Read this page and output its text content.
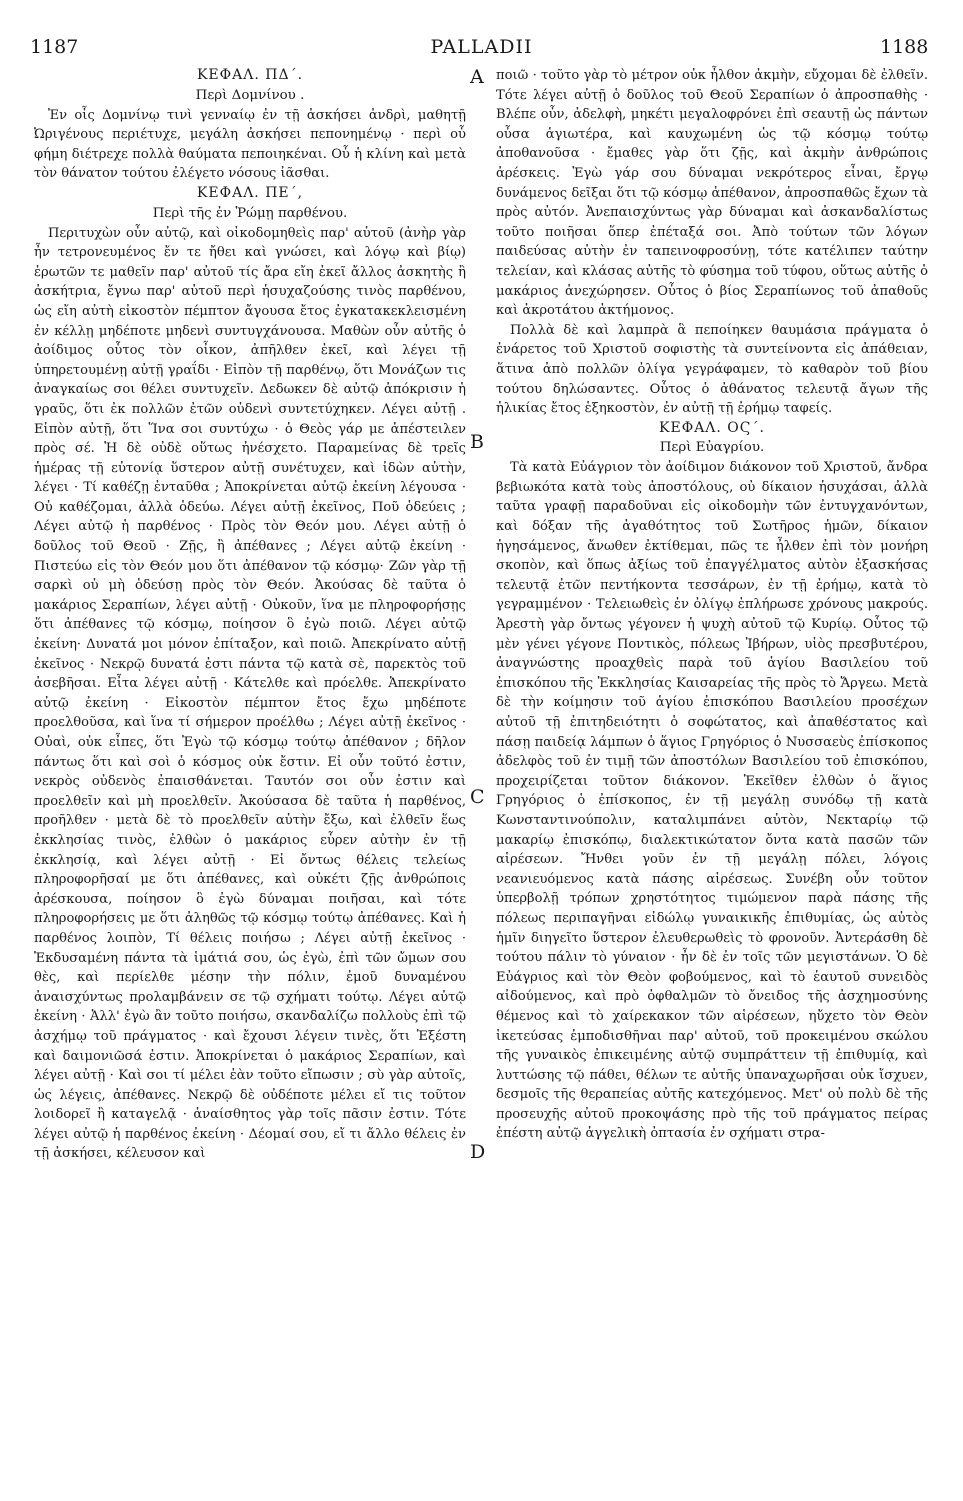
1187	PALLADII	1188
ΚΕΦΑΛ. ΠΔ΄.
Περὶ Δομνίνου .

Ἐν οἷς Δομνίνῳ τινὶ γενναίῳ ἐν τῇ ἀσκήσει ἀνδρὶ, μαθητῇ Ὠριγένους περιέτυχε, μεγάλη ἀσκήσει πεπονημένῳ · περὶ οὗ φήμη διέτρεχε πολλὰ θαύματα πεποιηκέναι. Οὗ ἡ κλίνη καὶ μετὰ τὸν θάνατον τούτου ἐλέγετο νόσους ἰᾶσθαι.

ΚΕΦΑΛ. ΠΕ΄,
Περὶ τῆς ἐν Ῥώμῃ παρθένου.

Περιτυχὼν οὖν αὐτῷ, καὶ οἰκοδομηθεὶς παρ' αὐτοῦ (ἀνὴρ γὰρ ἦν τετρονευμένος ἔν τε ἤθει καὶ γνώσει, καὶ λόγῳ καὶ βίῳ) ἐρωτῶν τε μαθεῖν παρ' αὐτοῦ τίς ἄρα εἴη ἐκεῖ ἄλλος ἀσκητὴς ἢ ἀσκήτρια, ἔγνω παρ' αὐτοῦ περὶ ἡσυχαζούσης τινὸς παρθένου, ὡς εἴη αὐτὴ εἰκοστὸν πέμπτον ἄγουσα ἔτος ἐγκατακεκλεισμένη ἐν κέλλῃ μηδέποτε μηδενὶ συντυγχάνουσα. Μαθὼν οὖν αὐτῆς ὁ ἀοίδιμος οὗτος τὸν οἶκον, ἀπῆλθεν ἐκεῖ, καὶ λέγει τῇ ὑπηρετουμένῃ αὐτῇ γραΐδι · Εἰπὸν τῇ παρθένῳ, ὅτι Μονάζων τις ἀναγκαίως σοι θέλει συντυχεῖν. Δεδωκεν δὲ αὐτῷ ἀπόκρισιν ἡ γραῦς, ὅτι ἐκ πολλῶν ἐτῶν οὐδενὶ συντετύχηκεν. Λέγει αὐτῇ . Εἰπὸν αὐτῇ, ὅτι Ἵνα σοι συντύχω · ὁ Θεὸς γάρ με ἀπέστειλεν πρὸς σέ. Ἡ δὲ οὐδὲ οὕτως ἠνέσχετο. Παραμείνας δὲ τρεῖς ἡμέρας τῇ εὐτονίᾳ ὕστερον αὐτῇ συνέτυχεν, καὶ ἰδὼν αὐτὴν, λέγει · Τί καθέζῃ ἐνταῦθα ; Ἀποκρίνεται αὐτῷ ἐκείνη λέγουσα · Οὐ καθέζομαι, ἀλλὰ ὁδεύω. Λέγει αὐτῇ ἐκεῖνος, Ποῦ ὁδεύεις ; Λέγει αὐτῷ ἡ παρθένος · Πρὸς τὸν Θεόν μου. Λέγει αὐτῇ ὁ δοῦλος τοῦ Θεοῦ · Ζῇς, ἢ ἀπέθανες ; Λέγει αὐτῷ ἐκείνη · Πιστεύω εἰς τὸν Θεόν μου ὅτι ἀπέθανον τῷ κόσμῳ· Ζῶν γὰρ τῇ σαρκὶ οὐ μὴ ὁδεύσῃ πρὸς τὸν Θεόν. Ἀκούσας δὲ ταῦτα ὁ μακάριος Σεραπίων, λέγει αὐτῇ · Οὐκοῦν, ἵνα με πληροφορήσῃς ὅτι ἀπέθανες τῷ κόσμῳ, ποίησον ὃ ἐγὼ ποιῶ. Λέγει αὐτῷ ἐκείνη· Δυνατά μοι μόνον ἐπίταξον, καὶ ποιῶ. Ἀπεκρίνατο αὐτῇ ἐκεῖνος · Νεκρῷ δυνατά ἐστι πάντα τῷ κατὰ σὲ, παρεκτὸς τοῦ ἀσεβῆσαι. Εἶτα λέγει αὐτῇ · Κάτελθε καὶ πρόελθε. Ἀπεκρίνατο αὐτῷ ἐκείνη · Εἰκοστὸν πέμπτον ἔτος ἔχω μηδέποτε προελθοῦσα, καὶ ἵνα τί σήμερον προέλθω ; Λέγει αὐτῇ ἐκεῖνος · Οὐαὶ, οὐκ εἶπες, ὅτι Ἐγὼ τῷ κόσμῳ τούτῳ ἀπέθανον ; δῆλον πάντως ὅτι καὶ σοὶ ὁ κόσμος οὐκ ἔστιν. Εἰ οὖν τοῦτό ἐστιν, νεκρὸς οὐδενὸς ἐπαισθάνεται. Ταυτόν σοι οὖν ἐστιν καὶ προελθεῖν καὶ μὴ προελθεῖν. Ἀκούσασα δὲ ταῦτα ἡ παρθένος, προῆλθεν · μετὰ δὲ τὸ προελθεῖν αὐτὴν ἔξω, καὶ ἐλθεῖν ἕως ἐκκλησίας τινὸς, ἐλθὼν ὁ μακάριος εὗρεν αὐτὴν ἐν τῇ ἐκκλησίᾳ, καὶ λέγει αὐτῇ · Εἰ ὄντως θέλεις τελείως πληροφορῆσαί με ὅτι ἀπέθανες, καὶ οὐκέτι ζῇς ἀνθρώποις ἀρέσκουσα, ποίησον ὃ ἐγὼ δύναμαι ποιῆσαι, καὶ τότε πληροφορήσεις με ὅτι ἀληθῶς τῷ κόσμῳ τούτῳ ἀπέθανες. Καὶ ἡ παρθένος λοιπὸν, Τί θέλεις ποιήσω ; Λέγει αὐτῇ ἐκεῖνος · Ἐκδυσαμένη πάντα τὰ ἱμάτιά σου, ὡς ἐγὼ, ἐπὶ τῶν ὤμων σου θὲς, καὶ περίελθε μέσην τὴν πόλιν, ἐμοῦ δυναμένου ἀναισχύντως προλαμβάνειν σε τῷ σχήματι τούτῳ. Λέγει αὐτῷ ἐκείνη · Ἀλλ' ἐγὼ ἂν τοῦτο ποιήσω, σκανδαλίζω πολλοὺς ἐπὶ τῷ ἀσχήμῳ τοῦ πράγματος · καὶ ἔχουσι λέγειν τινὲς, ὅτι Ἐξέστη καὶ δαιμονιῶσά ἐστιν. Ἀποκρίνεται ὁ μακάριος Σεραπίων, καὶ λέγει αὐτῇ · Καὶ σοι τί μέλει ἐὰν τοῦτο εἴπωσιν ; σὺ γὰρ αὐτοῖς, ὡς λέγεις, ἀπέθανες. Νεκρῷ δὲ οὐδέποτε μέλει εἴ τις τοῦτον λοιδορεῖ ἢ καταγελᾷ · ἀναίσθητος γὰρ τοῖς πᾶσιν ἐστιν. Τότε λέγει αὐτῷ ἡ παρθένος ἐκείνη · Δέομαί σου, εἴ τι ἄλλο θέλεις ἐν τῇ ἀσκήσει, κέλευσον καὶ

A
B
C
D

ποιῶ · τοῦτο γὰρ τὸ μέτρον οὐκ ἦλθον ἀκμὴν, εὔχομαι δὲ ἐλθεῖν. Τότε λέγει αὐτῇ ὁ δοῦλος τοῦ Θεοῦ Σεραπίων ὁ ἀπροσπαθὴς · Βλέπε οὖν, ἀδελφὴ, μηκέτι μεγαλοφρόνει ἐπὶ σεαυτῇ ὡς πάντων οὖσα ἁγιωτέρα, καὶ καυχωμένη ὡς τῷ κόσμῳ τούτῳ ἀποθανοῦσα · ἔμαθες γὰρ ὅτι ζῇς, καὶ ἀκμὴν ἀνθρώποις ἀρέσκεις. Ἐγὼ γάρ σου δύναμαι νεκρότερος εἶναι, ἔργῳ δυνάμενος δεῖξαι ὅτι τῷ κόσμῳ ἀπέθανον, ἀπροσπαθῶς ἔχων τὰ πρὸς αὐτόν. Ἀνεπαισχύντως γὰρ δύναμαι καὶ ἀσκανδαλίστως τοῦτο ποιῆσαι ὅπερ ἐπέταξά σοι. Ἀπὸ τούτων τῶν λόγων παιδεύσας αὐτὴν ἐν ταπεινοφροσύνῃ, τότε κατέλιπεν ταύτην τελείαν, καὶ κλάσας αὐτῆς τὸ φύσημα τοῦ τύφου, οὕτως αὐτῆς ὁ μακάριος ἀνεχώρησεν. Οὗτος ὁ βίος Σεραπίωνος τοῦ ἀπαθοῦς καὶ ἀκροτάτου ἀκτήμονος.

Πολλὰ δὲ καὶ λαμπρὰ ἃ πεποίηκεν θαυμάσια πράγματα ὁ ἐνάρετος τοῦ Χριστοῦ σοφιστὴς τὰ συντείνοντα εἰς ἀπάθειαν, ἅτινα ἀπὸ πολλῶν ὀλίγα γεγράφαμεν, τὸ καθαρὸν τοῦ βίου τούτου δηλώσαντες. Οὗτος ὁ ἀθάνατος τελευτᾷ ἄγων τῆς ἡλικίας ἔτος ἑξηκοστὸν, ἐν αὐτῇ τῇ ἐρήμῳ ταφείς.

ΚΕΦΑΛ. ΟϚ΄.
Περὶ Εὐαγρίου.

Τὰ κατὰ Εὐάγριον τὸν ἀοίδιμον διάκονον τοῦ Χριστοῦ, ἄνδρα βεβιωκότα κατὰ τοὺς ἀποστόλους, οὐ δίκαιον ἡσυχάσαι, ἀλλὰ ταῦτα γραφῇ παραδοῦναι εἰς οἰκοδομὴν τῶν ἐντυγχανόντων, καὶ δόξαν τῆς ἀγαθότητος τοῦ Σωτῆρος ἡμῶν, δίκαιον ἡγησάμενος, ἄνωθεν ἐκτίθεμαι, πῶς τε ἦλθεν ἐπὶ τὸν μονήρη σκοπὸν, καὶ ὅπως ἀξίως τοῦ ἐπαγγέλματος αὐτὸν ἐξασκήσας τελευτᾷ ἐτῶν πεντήκοντα τεσσάρων, ἐν τῇ ἐρήμῳ, κατὰ τὸ γεγραμμένον · Τελειωθεὶς ἐν ὀλίγῳ ἐπλήρωσε χρόνους μακρούς. Ἀρεστὴ γὰρ ὄντως γέγονεν ἡ ψυχὴ αὐτοῦ τῷ Κυρίῳ. Οὗτος τῷ μὲν γένει γέγονε Ποντικὸς, πόλεως Ἰβήρων, υἱὸς πρεσβυτέρου, ἀναγνώστης προαχθεὶς παρὰ τοῦ ἁγίου Βασιλείου τοῦ ἐπισκόπου τῆς Ἐκκλησίας Καισαρείας τῆς πρὸς τὸ Ἄργεω. Μετὰ δὲ τὴν κοίμησιν τοῦ ἁγίου ἐπισκόπου Βασιλείου προσέχων αὐτοῦ τῇ ἐπιτηδειότητι ὁ σοφώτατος, καὶ ἀπαθέστατος καὶ πάσῃ παιδείᾳ λάμπων ὁ ἅγιος Γρηγόριος ὁ Νυσσαεὺς ἐπίσκοπος ἀδελφὸς τοῦ ἐν τιμῇ τῶν ἀποστόλων Βασιλείου τοῦ ἐπισκόπου, προχειρίζεται τοῦτον διάκονον. Ἐκεῖθεν ἐλθὼν ὁ ἅγιος Γρηγόριος ὁ ἐπίσκοπος, ἐν τῇ μεγάλῃ συνόδῳ τῇ κατὰ Κωνσταντινούπολιν, καταλιμπάνει αὐτὸν, Νεκταρίῳ τῷ μακαρίῳ ἐπισκόπῳ, διαλεκτικώτατον ὄντα κατὰ πασῶν τῶν αἱρέσεων. Ἤνθει γοῦν ἐν τῇ μεγάλῃ πόλει, λόγοις νεανιευόμενος κατὰ πάσης αἱρέσεως. Συνέβη οὖν τοῦτον ὑπερβολῇ τρόπων χρηστότητος τιμώμενον παρὰ πάσης τῆς πόλεως περιπαγῆναι εἰδώλῳ γυναικικῆς ἐπιθυμίας, ὡς αὐτὸς ἡμῖν διηγεῖτο ὕστερον ἐλευθερωθεὶς τὸ φρονοῦν. Ἀντεράσθη δὲ τούτου πάλιν τὸ γύναιον · ἦν δὲ ἐν τοῖς τῶν μεγιστάνων. Ὁ δὲ Εὐάγριος καὶ τὸν Θεὸν φοβούμενος, καὶ τὸ ἑαυτοῦ συνειδὸς αἰδούμενος, καὶ πρὸ ὀφθαλμῶν τὸ ὄνειδος τῆς ἀσχημοσύνης θέμενος καὶ τὸ χαίρεκακον τῶν αἱρέσεων, ηὔχετο τὸν Θεὸν ἱκετεύσας ἐμποδισθῆναι παρ' αὐτοῦ, τοῦ προκειμένου σκώλου τῆς γυναικὸς ἐπικειμένης αὐτῷ συμπράττειν τῇ ἐπιθυμίᾳ, καὶ λυττώσης τῷ πάθει, θέλων τε αὐτῆς ὑπαναχωρῆσαι οὐκ ἴσχυεν, δεσμοῖς τῆς θεραπείας αὐτῆς κατεχόμενος. Μετ' οὐ πολὺ δὲ τῆς προσευχῆς αὐτοῦ προκοψάσης πρὸ τῆς τοῦ πράγματος πείρας ἐπέστη αὐτῷ ἀγγελικὴ ὀπτασία ἐν σχήματι στρα-
